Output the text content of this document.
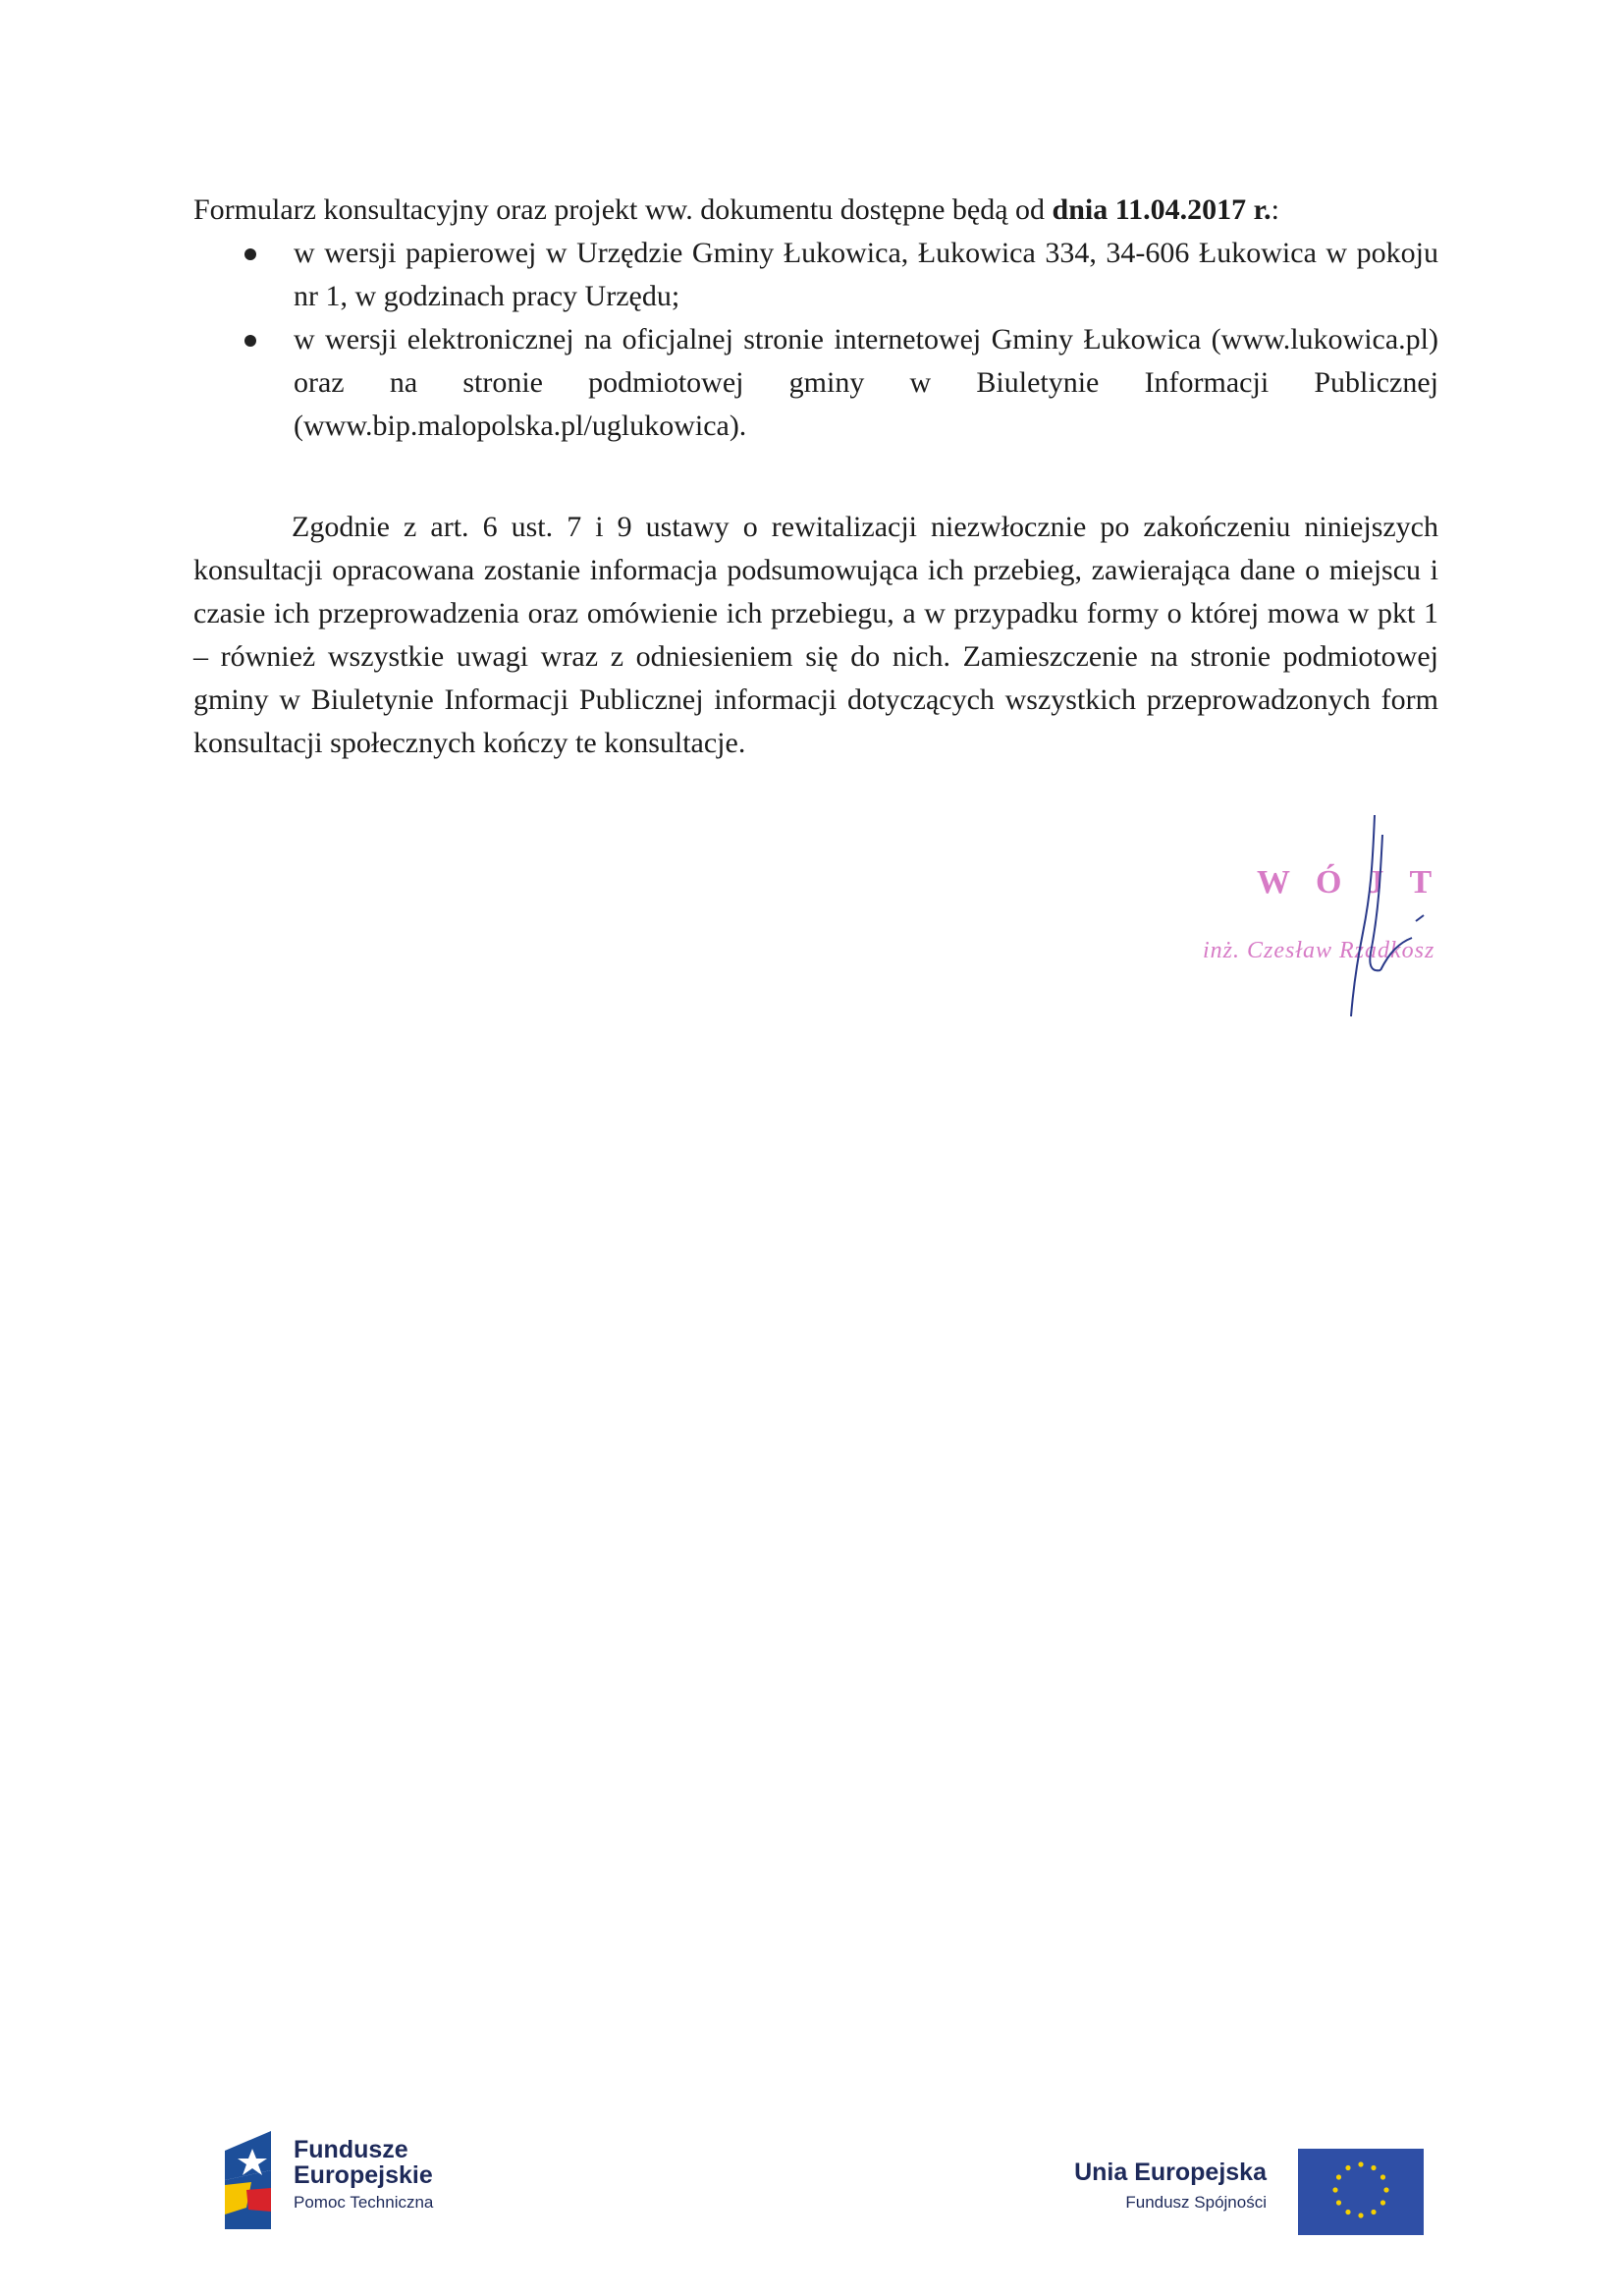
Formularz konsultacyjny oraz projekt ww. dokumentu dostępne będą od dnia 11.04.2017 r.:

w wersji papierowej w Urzędzie Gminy Łukowica, Łukowica 334, 34-606 Łukowica w pokoju nr 1, w godzinach pracy Urzędu;
w wersji elektronicznej na oficjalnej stronie internetowej Gminy Łukowica (www.lukowica.pl) oraz na stronie podmiotowej gminy w Biuletynie Informacji Publicznej (www.bip.malopolska.pl/uglukowica).

Zgodnie z art. 6 ust. 7 i 9 ustawy o rewitalizacji niezwłocznie po zakończeniu niniejszych konsultacji opracowana zostanie informacja podsumowująca ich przebieg, zawierająca dane o miejscu i czasie ich przeprowadzenia oraz omówienie ich przebiegu, a w przypadku formy o której mowa w pkt 1 – również wszystkie uwagi wraz z odniesieniem się do nich. Zamieszczenie na stronie podmiotowej gminy w Biuletynie Informacji Publicznej informacji dotyczących wszystkich przeprowadzonych form konsultacji społecznych kończy te konsultacje.

WÓJT
inż. Czesław Rzadkosz
Fundusze
Europejskie
Pomoc Techniczna
Unia Europejska
Fundusz Spójności
